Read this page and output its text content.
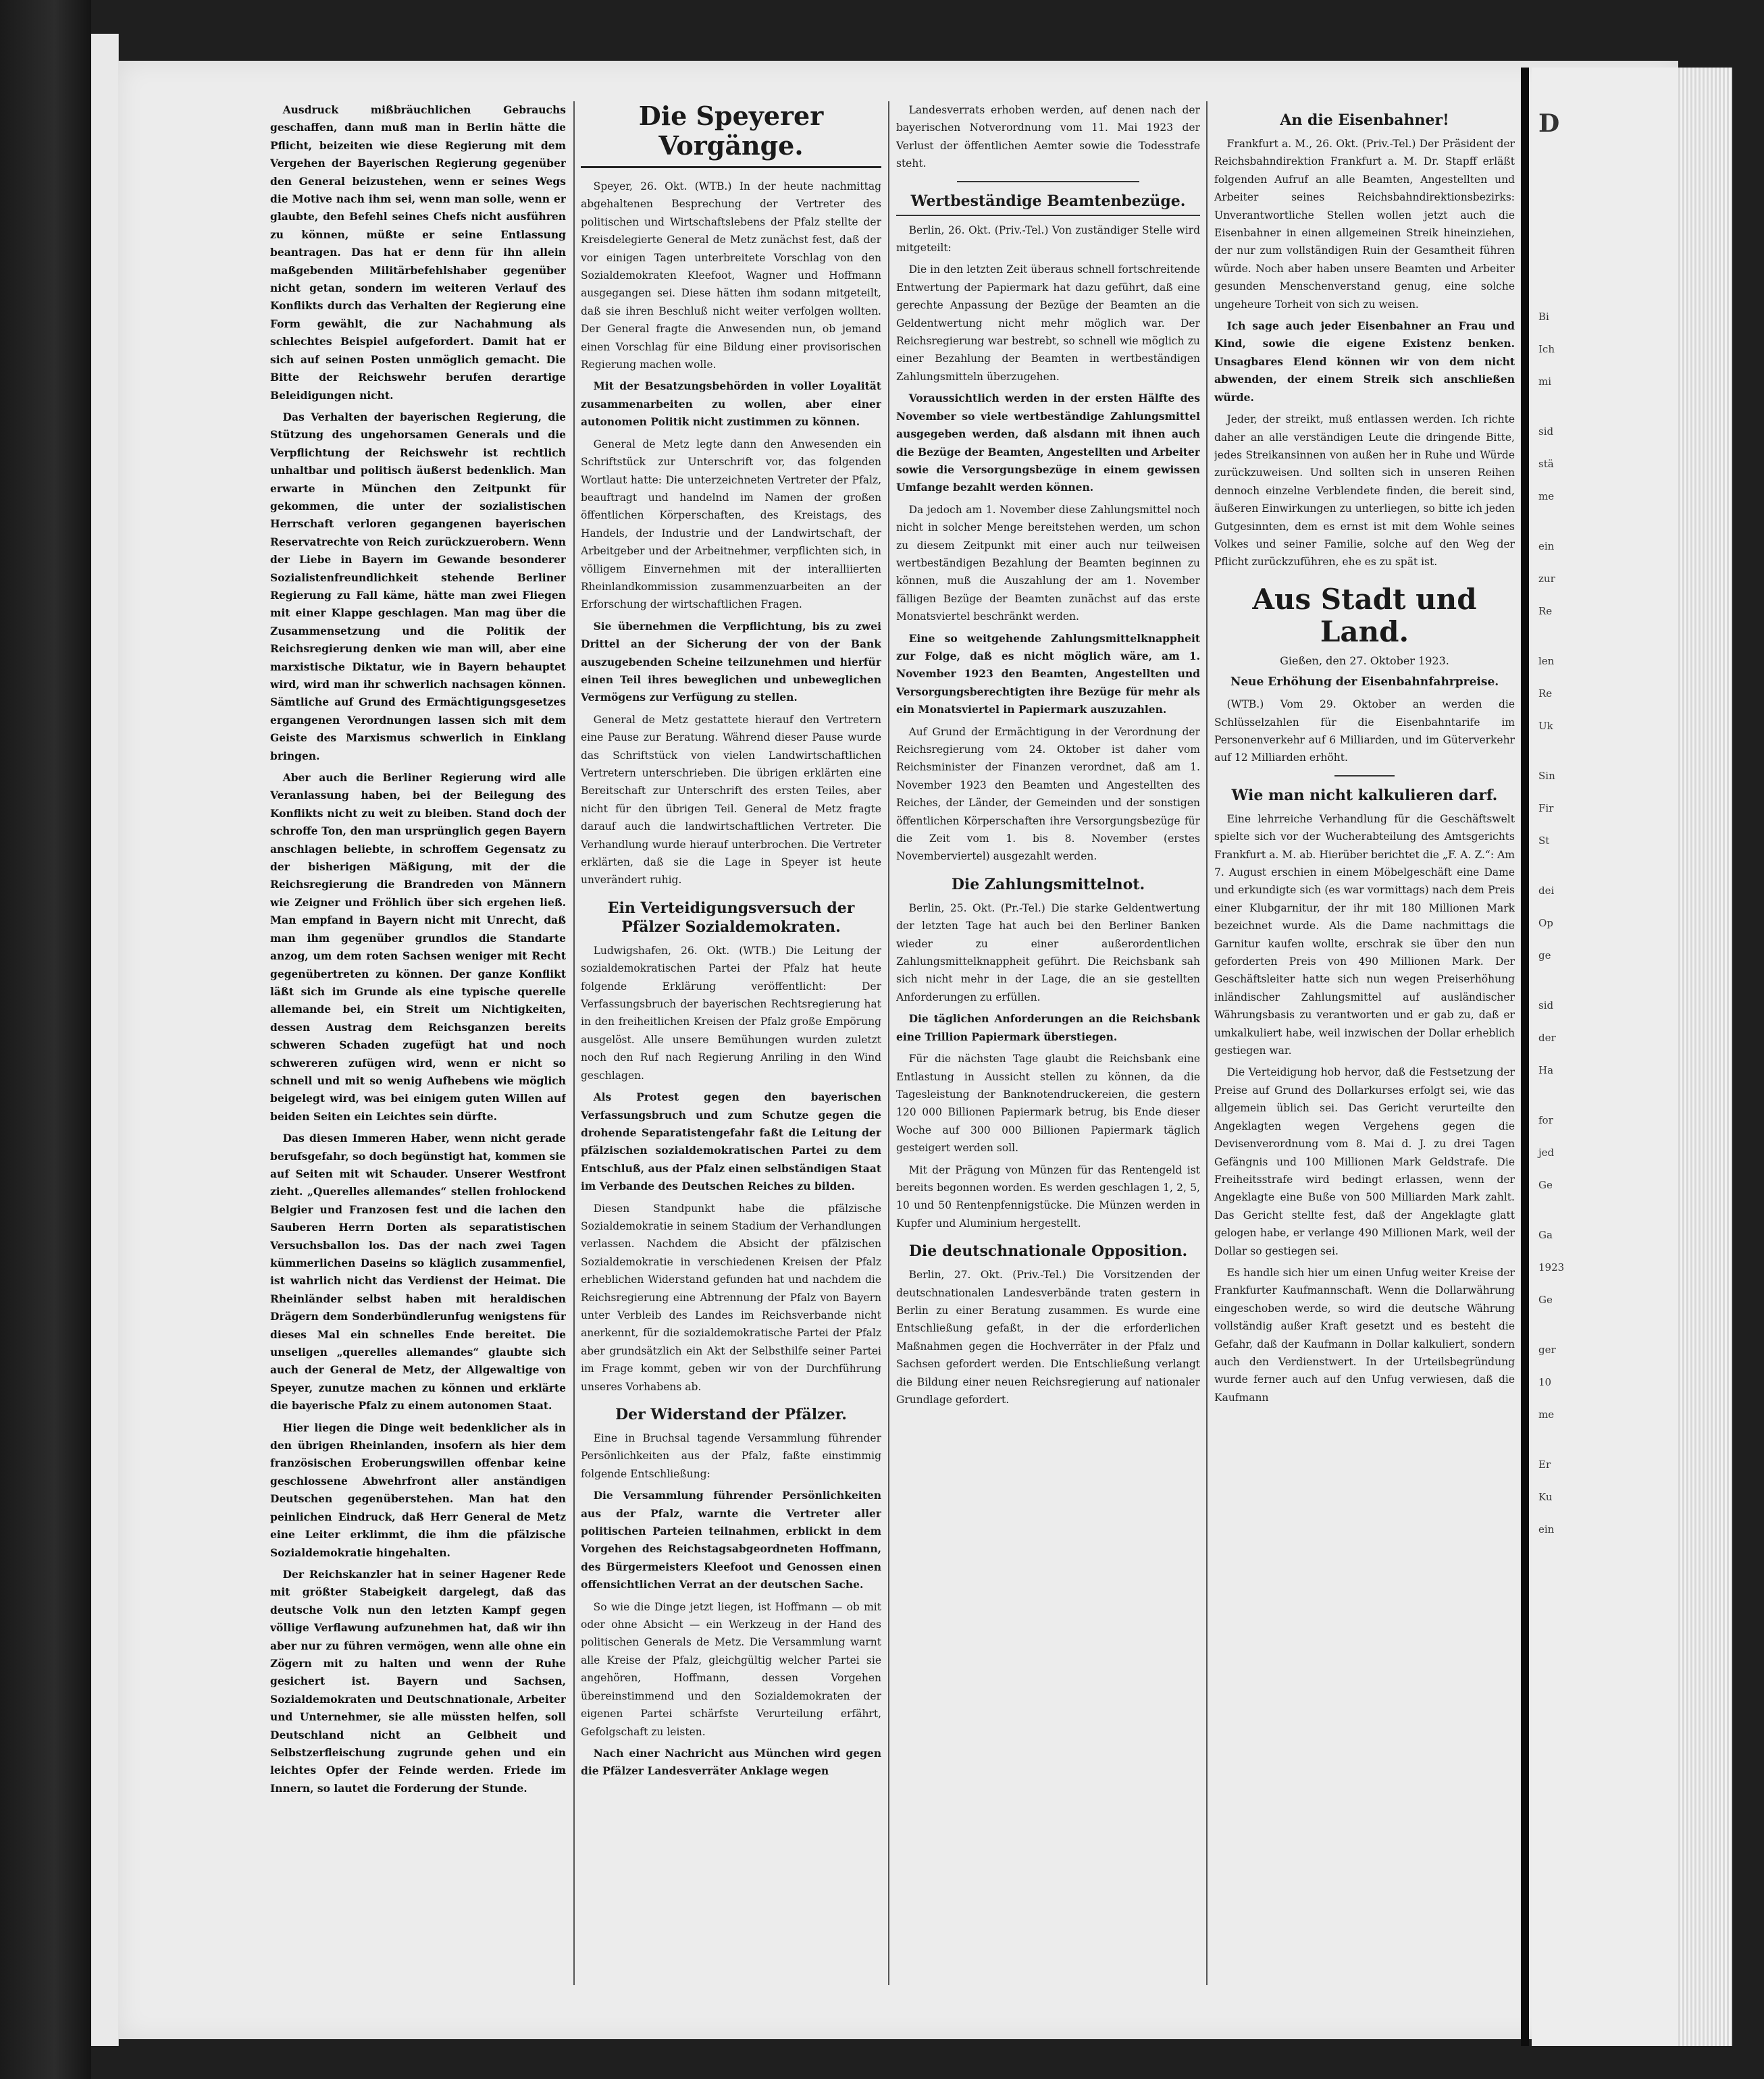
Ausdruck mißbräuchlichen Gebrauchs geschaffen, dann muß man in Berlin hätte die Pflicht, beizeiten wie diese Regierung mit dem Vergehen der Bayerischen Regierung gegenüber den General beizustehen, wenn er seines Wegs die Motive nach ihm sei, wenn man solle, wenn er glaubte, den Befehl seines Chefs nicht ausführen zu können, müßte er seine Entlassung beantragen. Das hat er denn für ihn allein maßgebenden Militärbefehlshaber gegenüber nicht getan, sondern im weiteren Verlauf des Konflikts durch das Verhalten der Regierung eine Form gewählt, die zur Nachahmung als schlechtes Beispiel aufgefordert. Damit hat er sich auf seinen Posten unmöglich gemacht. Die Bitte der Reichswehr berufen derartige Beleidigungen nicht.

Das Verhalten der bayerischen Regierung, die Stützung des ungehorsamen Generals und die Verpflichtung der Reichswehr ist rechtlich unhaltbar und politisch äußerst bedenklich. Man erwarte in München den Zeitpunkt für gekommen, die unter der sozialistischen Herrschaft verloren gegangenen bayerischen Reservatrechte von Reich zurückzuerobern. Wenn der Liebe in Bayern im Gewande besonderer Sozialistenfreundlichkeit stehende Berliner Regierung zu Fall käme, hätte man zwei Fliegen mit einer Klappe geschlagen. Man mag über die Zusammensetzung und die Politik der Reichsregierung denken wie man will, aber eine marxistische Diktatur, wie in Bayern behauptet wird, wird man ihr schwerlich nachsagen können. Sämtliche auf Grund des Ermächtigungsgesetzes ergangenen Verordnungen lassen sich mit dem Geiste des Marxismus schwerlich in Einklang bringen.

Aber auch die Berliner Regierung wird alle Veranlassung haben, bei der Beilegung des Konflikts nicht zu weit zu bleiben. Stand doch der schroffe Ton, den man ursprünglich gegen Bayern anschlagen beliebte, in schroffem Gegensatz zu der bisherigen Mäßigung, mit der die Reichsregierung die Brandreden von Männern wie Zeigner und Fröhlich über sich ergehen ließ. Man empfand in Bayern nicht mit Unrecht, daß man ihm gegenüber grundlos die Standarte anzog, um dem roten Sachsen weniger mit Recht gegenübertreten zu können. Der ganze Konflikt läßt sich im Grunde als eine typische querelle allemande bei, ein Streit um Nichtigkeiten, dessen Austrag dem Reichsganzen bereits schweren Schaden zugefügt hat und noch schwereren zufügen wird, wenn er nicht so schnell und mit so wenig Aufhebens wie möglich beigelegt wird, was bei einigem guten Willen auf beiden Seiten ein Leichtes sein dürfte.

Das diesen Immeren Haber, wenn nicht gerade berufsgefahr, so doch begünstigt hat, kommen sie auf Seiten mit wit Schauder. Unserer Westfront zieht. „Querelles allemandes“ stellen frohlockend Belgier und Franzosen fest und die lachen den Sauberen Herrn Dorten als separatistischen Versuchsballon los. Das der nach zwei Tagen kümmerlichen Daseins so kläglich zusammenfiel, ist wahrlich nicht das Verdienst der Heimat. Die Rheinländer selbst haben mit heraldischen Drägern dem Sonderbündlerunfug wenigstens für dieses Mal ein schnelles Ende bereitet. Die unseligen „querelles allemandes“ glaubte sich auch der General de Metz, der Allgewaltige von Speyer, zunutze machen zu können und erklärte die bayerische Pfalz zu einem autonomen Staat.

Hier liegen die Dinge weit bedenklicher als in den übrigen Rheinlanden, insofern als hier dem französischen Eroberungswillen offenbar keine geschlossene Abwehrfront aller anständigen Deutschen gegenüberstehen. Man hat den peinlichen Eindruck, daß Herr General de Metz eine Leiter erklimmt, die ihm die pfälzische Sozialdemokratie hingehalten.

Der Reichskanzler hat in seiner Hagener Rede mit größter Stabeigkeit dargelegt, daß das deutsche Volk nun den letzten Kampf gegen völlige Verflawung aufzunehmen hat, daß wir ihn aber nur zu führen vermögen, wenn alle ohne ein Zögern mit zu halten und wenn der Ruhe gesichert ist. Bayern und Sachsen, Sozialdemokraten und Deutschnationale, Arbeiter und Unternehmer, sie alle müssten helfen, soll Deutschland nicht an Gelbheit und Selbstzerfleischung zugrunde gehen und ein leichtes Opfer der Feinde werden. Friede im Innern, so lautet die Forderung der Stunde.

Die Speyerer Vorgänge.

Speyer, 26. Okt. (WTB.) In der heute nachmittag abgehaltenen Besprechung der Vertreter des politischen und Wirtschaftslebens der Pfalz stellte der Kreisdelegierte General de Metz zunächst fest, daß der vor einigen Tagen unterbreitete Vorschlag von den Sozialdemokraten Kleefoot, Wagner und Hoffmann ausgegangen sei. Diese hätten ihm sodann mitgeteilt, daß sie ihren Beschluß nicht weiter verfolgen wollten. Der General fragte die Anwesenden nun, ob jemand einen Vorschlag für eine Bildung einer provisorischen Regierung machen wolle.

Mit der Besatzungsbehörden in voller Loyalität zusammenarbeiten zu wollen, aber einer autonomen Politik nicht zustimmen zu können.

General de Metz legte dann den Anwesenden ein Schriftstück zur Unterschrift vor, das folgenden Wortlaut hatte: Die unterzeichneten Vertreter der Pfalz, beauftragt und handelnd im Namen der großen öffentlichen Körperschaften, des Kreistags, des Handels, der Industrie und der Landwirtschaft, der Arbeitgeber und der Arbeitnehmer, verpflichten sich, in völligem Einvernehmen mit der interalliierten Rheinlandkommission zusammenzuarbeiten an der Erforschung der wirtschaftlichen Fragen.

Sie übernehmen die Verpflichtung, bis zu zwei Drittel an der Sicherung der von der Bank auszugebenden Scheine teilzunehmen und hierfür einen Teil ihres beweglichen und unbeweglichen Vermögens zur Verfügung zu stellen.

General de Metz gestattete hierauf den Vertretern eine Pause zur Beratung. Während dieser Pause wurde das Schriftstück von vielen Landwirtschaftlichen Vertretern unterschrieben. Die übrigen erklärten eine Bereitschaft zur Unterschrift des ersten Teiles, aber nicht für den übrigen Teil. General de Metz fragte darauf auch die landwirtschaftlichen Vertreter. Die Verhandlung wurde hierauf unterbrochen. Die Vertreter erklärten, daß sie die Lage in Speyer ist heute unverändert ruhig.

Ein Verteidigungsversuch der Pfälzer Sozialdemokraten.

Ludwigshafen, 26. Okt. (WTB.) Die Leitung der sozialdemokratischen Partei der Pfalz hat heute folgende Erklärung veröffentlicht: Der Verfassungsbruch der bayerischen Rechtsregierung hat in den freiheitlichen Kreisen der Pfalz große Empörung ausgelöst. Alle unsere Bemühungen wurden zuletzt noch den Ruf nach Regierung Anriling in den Wind geschlagen.

Als Protest gegen den bayerischen Verfassungsbruch und zum Schutze gegen die drohende Separatistengefahr faßt die Leitung der pfälzischen sozialdemokratischen Partei zu dem Entschluß, aus der Pfalz einen selbständigen Staat im Verbande des Deutschen Reiches zu bilden.

Diesen Standpunkt habe die pfälzische Sozialdemokratie in seinem Stadium der Verhandlungen verlassen. Nachdem die Absicht der pfälzischen Sozialdemokratie in verschiedenen Kreisen der Pfalz erheblichen Widerstand gefunden hat und nachdem die Reichsregierung eine Abtrennung der Pfalz von Bayern unter Verbleib des Landes im Reichsverbande nicht anerkennt, für die sozialdemokratische Partei der Pfalz aber grundsätzlich ein Akt der Selbsthilfe seiner Partei im Frage kommt, geben wir von der Durchführung unseres Vorhabens ab.

Der Widerstand der Pfälzer.

Eine in Bruchsal tagende Versammlung führender Persönlichkeiten aus der Pfalz, faßte einstimmig folgende Entschließung:

Die Versammlung führender Persönlichkeiten aus der Pfalz, warnte die Vertreter aller politischen Parteien teilnahmen, erblickt in dem Vorgehen des Reichstagsabgeordneten Hoffmann, des Bürgermeisters Kleefoot und Genossen einen offensichtlichen Verrat an der deutschen Sache.

So wie die Dinge jetzt liegen, ist Hoffmann — ob mit oder ohne Absicht — ein Werkzeug in der Hand des politischen Generals de Metz. Die Versammlung warnt alle Kreise der Pfalz, gleichgültig welcher Partei sie angehören, Hoffmann, dessen Vorgehen übereinstimmend und den Sozialdemokraten der eigenen Partei schärfste Verurteilung erfährt, Gefolgschaft zu leisten.

Nach einer Nachricht aus München wird gegen die Pfälzer Landesverräter Anklage wegen

Landesverrats erhoben werden, auf denen nach der bayerischen Notverordnung vom 11. Mai 1923 der Verlust der öffentlichen Aemter sowie die Todesstrafe steht.

Wertbeständige Beamtenbezüge.

Berlin, 26. Okt. (Priv.-Tel.) Von zuständiger Stelle wird mitgeteilt:

Die in den letzten Zeit überaus schnell fortschreitende Entwertung der Papiermark hat dazu geführt, daß eine gerechte Anpassung der Bezüge der Beamten an die Geldentwertung nicht mehr möglich war. Der Reichsregierung war bestrebt, so schnell wie möglich zu einer Bezahlung der Beamten in wertbeständigen Zahlungsmitteln überzugehen.

Voraussichtlich werden in der ersten Hälfte des November so viele wertbeständige Zahlungsmittel ausgegeben werden, daß alsdann mit ihnen auch die Bezüge der Beamten, Angestellten und Arbeiter sowie die Versorgungsbezüge in einem gewissen Umfange bezahlt werden können.

Da jedoch am 1. November diese Zahlungsmittel noch nicht in solcher Menge bereitstehen werden, um schon zu diesem Zeitpunkt mit einer auch nur teilweisen wertbeständigen Bezahlung der Beamten beginnen zu können, muß die Auszahlung der am 1. November fälligen Bezüge der Beamten zunächst auf das erste Monatsviertel beschränkt werden.

Eine so weitgehende Zahlungsmittelknappheit zur Folge, daß es nicht möglich wäre, am 1. November 1923 den Beamten, Angestellten und Versorgungsberechtigten ihre Bezüge für mehr als ein Monatsviertel in Papiermark auszuzahlen.

Auf Grund der Ermächtigung in der Verordnung der Reichsregierung vom 24. Oktober ist daher vom Reichsminister der Finanzen verordnet, daß am 1. November 1923 den Beamten und Angestellten des Reiches, der Länder, der Gemeinden und der sonstigen öffentlichen Körperschaften ihre Versorgungsbezüge für die Zeit vom 1. bis 8. November (erstes Novemberviertel) ausgezahlt werden.

Die Zahlungsmittelnot.

Berlin, 25. Okt. (Pr.-Tel.) Die starke Geldentwertung der letzten Tage hat auch bei den Berliner Banken wieder zu einer außerordentlichen Zahlungsmittelknappheit geführt. Die Reichsbank sah sich nicht mehr in der Lage, die an sie gestellten Anforderungen zu erfüllen.

Die täglichen Anforderungen an die Reichsbank eine Trillion Papiermark überstiegen.

Für die nächsten Tage glaubt die Reichsbank eine Entlastung in Aussicht stellen zu können, da die Tagesleistung der Banknotendruckereien, die gestern 120 000 Billionen Papiermark betrug, bis Ende dieser Woche auf 300 000 Billionen Papiermark täglich gesteigert werden soll.

Mit der Prägung von Münzen für das Rentengeld ist bereits begonnen worden. Es werden geschlagen 1, 2, 5, 10 und 50 Rentenpfennigstücke. Die Münzen werden in Kupfer und Aluminium hergestellt.

Die deutschnationale Opposition.

Berlin, 27. Okt. (Priv.-Tel.) Die Vorsitzenden der deutschnationalen Landesverbände traten gestern in Berlin zu einer Beratung zusammen. Es wurde eine Entschließung gefaßt, in der die erforderlichen Maßnahmen gegen die Hochverräter in der Pfalz und Sachsen gefordert werden. Die Entschließung verlangt die Bildung einer neuen Reichsregierung auf nationaler Grundlage gefordert.

An die Eisenbahner!

Frankfurt a. M., 26. Okt. (Priv.-Tel.) Der Präsident der Reichsbahndirektion Frankfurt a. M. Dr. Stapff erläßt folgenden Aufruf an alle Beamten, Angestellten und Arbeiter seines Reichsbahndirektionsbezirks: Unverantwortliche Stellen wollen jetzt auch die Eisenbahner in einen allgemeinen Streik hineinziehen, der nur zum vollständigen Ruin der Gesamtheit führen würde. Noch aber haben unsere Beamten und Arbeiter gesunden Menschenverstand genug, eine solche ungeheure Torheit von sich zu weisen.

Ich sage auch jeder Eisenbahner an Frau und Kind, sowie die eigene Existenz benken. Unsagbares Elend können wir von dem nicht abwenden, der einem Streik sich anschließen würde.

Jeder, der streikt, muß entlassen werden. Ich richte daher an alle verständigen Leute die dringende Bitte, jedes Streikansinnen von außen her in Ruhe und Würde zurückzuweisen. Und sollten sich in unseren Reihen dennoch einzelne Verblendete finden, die bereit sind, äußeren Einwirkungen zu unterliegen, so bitte ich jeden Gutgesinnten, dem es ernst ist mit dem Wohle seines Volkes und seiner Familie, solche auf den Weg der Pflicht zurückzuführen, ehe es zu spät ist.

Aus Stadt und Land.
Gießen, den 27. Oktober 1923.
Neue Erhöhung der Eisenbahnfahrpreise.

(WTB.) Vom 29. Oktober an werden die Schlüsselzahlen für die Eisenbahntarife im Personenverkehr auf 6 Milliarden, und im Güterverkehr auf 12 Milliarden erhöht.

Wie man nicht kalkulieren darf.

Eine lehrreiche Verhandlung für die Geschäftswelt spielte sich vor der Wucherabteilung des Amtsgerichts Frankfurt a. M. ab. Hierüber berichtet die „F. A. Z.“: Am 7. August erschien in einem Möbelgeschäft eine Dame und erkundigte sich (es war vormittags) nach dem Preis einer Klubgarnitur, der ihr mit 180 Millionen Mark bezeichnet wurde. Als die Dame nachmittags die Garnitur kaufen wollte, erschrak sie über den nun geforderten Preis von 490 Millionen Mark. Der Geschäftsleiter hatte sich nun wegen Preiserhöhung inländischer Zahlungsmittel auf ausländischer Währungsbasis zu verantworten und er gab zu, daß er umkalkuliert habe, weil inzwischen der Dollar erheblich gestiegen war.

Die Verteidigung hob hervor, daß die Festsetzung der Preise auf Grund des Dollarkurses erfolgt sei, wie das allgemein üblich sei. Das Gericht verurteilte den Angeklagten wegen Vergehens gegen die Devisenverordnung vom 8. Mai d. J. zu drei Tagen Gefängnis und 100 Millionen Mark Geldstrafe. Die Freiheitsstrafe wird bedingt erlassen, wenn der Angeklagte eine Buße von 500 Milliarden Mark zahlt. Das Gericht stellte fest, daß der Angeklagte glatt gelogen habe, er verlange 490 Millionen Mark, weil der Dollar so gestiegen sei.

Es handle sich hier um einen Unfug weiter Kreise der Frankfurter Kaufmannschaft. Wenn die Dollarwährung eingeschoben werde, so wird die deutsche Währung vollständig außer Kraft gesetzt und es besteht die Gefahr, daß der Kaufmann in Dollar kalkuliert, sondern auch den Verdienstwert. In der Urteilsbegründung wurde ferner auch auf den Unfug verwiesen, daß die Kaufmann

D
Bi
Ich
mi
sid
stä
me
ein
zur
Re
len
Re
Uk
Sin
Fir
St
dei
Op
ge
sid
der
Ha
for
jed
Ge
Ga
1923
Ge
ger
10
me
Er
Ku
ein
